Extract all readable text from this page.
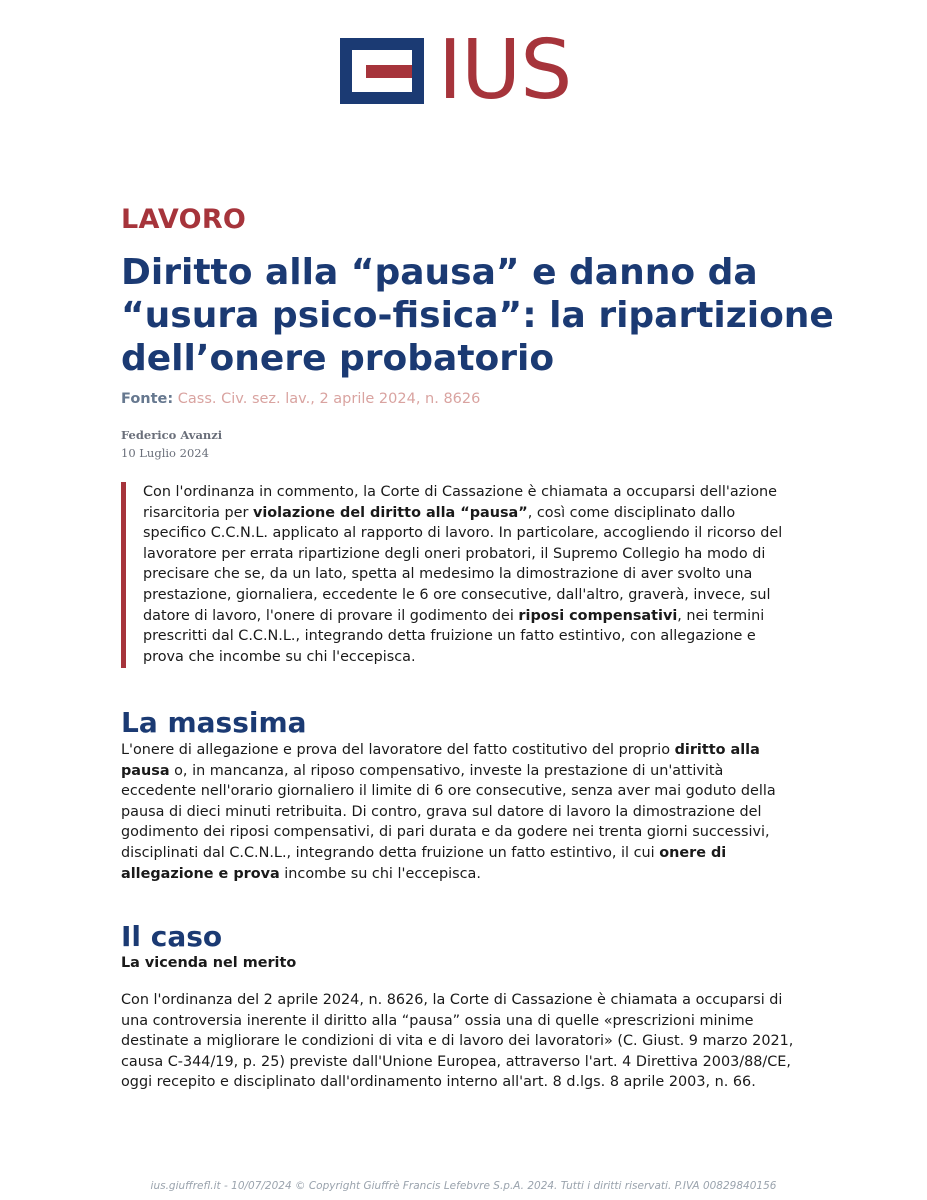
IUS
LAVORO
Diritto alla “pausa” e danno da “usura psico-fisica”: la ripartizione dell’onere probatorio
Fonte: Cass. Civ. sez. lav., 2 aprile 2024, n. 8626
Federico Avanzi
10 Luglio 2024

Con l'ordinanza in commento, la Corte di Cassazione è chiamata a occuparsi dell'azione risarcitoria per violazione del diritto alla “pausa”, così come disciplinato dallo specifico C.C.N.L. applicato al rapporto di lavoro. In particolare, accogliendo il ricorso del lavoratore per errata ripartizione degli oneri probatori, il Supremo Collegio ha modo di precisare che se, da un lato, spetta al medesimo la dimostrazione di aver svolto una prestazione, giornaliera, eccedente le 6 ore consecutive, dall'altro, graverà, invece, sul datore di lavoro, l'onere di provare il godimento dei riposi compensativi, nei termini prescritti dal C.C.N.L., integrando detta fruizione un fatto estintivo, con allegazione e prova che incombe su chi l'eccepisca.

La massima

L'onere di allegazione e prova del lavoratore del fatto costitutivo del proprio diritto alla pausa o, in mancanza, al riposo compensativo, investe la prestazione di un'attività eccedente nell'orario giornaliero il limite di 6 ore consecutive, senza aver mai goduto della pausa di dieci minuti retribuita. Di contro, grava sul datore di lavoro la dimostrazione del godimento dei riposi compensativi, di pari durata e da godere nei trenta giorni successivi, disciplinati dal C.C.N.L., integrando detta fruizione un fatto estintivo, il cui onere di allegazione e prova incombe su chi l'eccepisca.

Il caso
La vicenda nel merito

Con l'ordinanza del 2 aprile 2024, n. 8626, la Corte di Cassazione è chiamata a occuparsi di una controversia inerente il diritto alla “pausa” ossia una di quelle «prescrizioni minime destinate a migliorare le condizioni di vita e di lavoro dei lavoratori» (C. Giust. 9 marzo 2021, causa C-344/19, p. 25) previste dall'Unione Europea, attraverso l'art. 4 Direttiva 2003/88/CE, oggi recepito e disciplinato dall'ordinamento interno all'art. 8 d.lgs. 8 aprile 2003, n. 66.

ius.giuffrefl.it - 10/07/2024 © Copyright Giuffrè Francis Lefebvre S.p.A. 2024. Tutti i diritti riservati. P.IVA 00829840156
